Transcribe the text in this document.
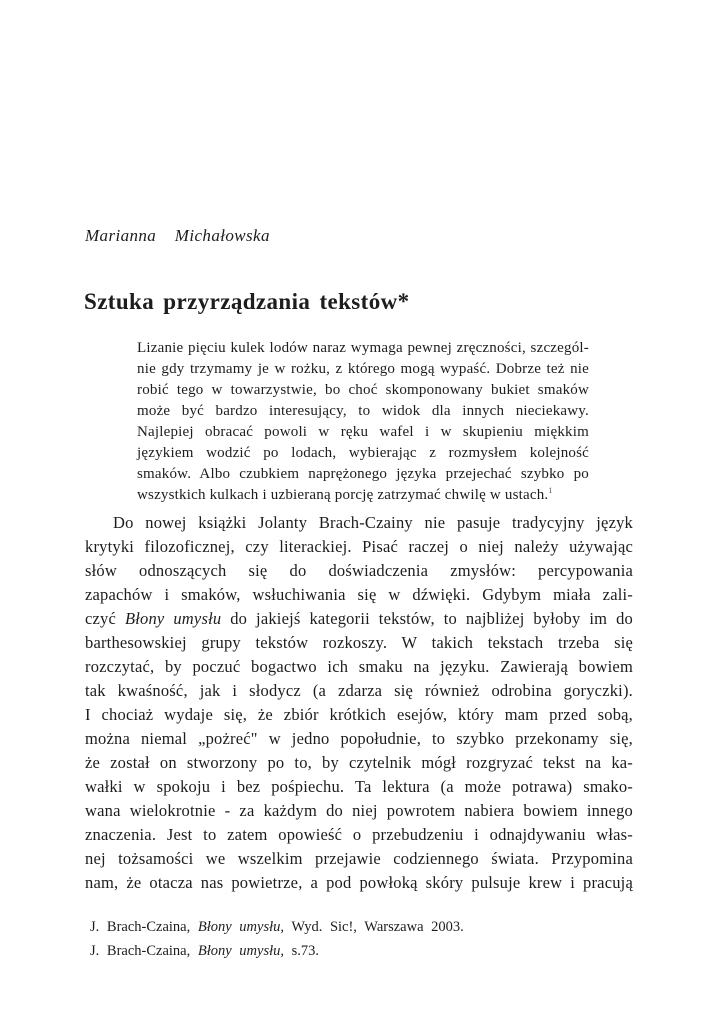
Marianna    Michałowska
Sztuka przyrządzania tekstów*
Lizanie pięciu kulek lodów naraz wymaga pewnej zręczności, szczegól-
nie gdy trzymamy je w rożku, z którego mogą wypaść. Dobrze też nie
robić tego w towarzystwie, bo choć skomponowany bukiet smaków
może być bardzo interesujący, to widok dla innych nieciekawy.
Najlepiej obracać powoli w ręku wafel i w skupieniu miękkim
językiem wodzić po lodach, wybierając z rozmysłem kolejność
smaków. Albo czubkiem naprężonego języka przejechać szybko po
wszystkich kulkach i uzbieraną porcję zatrzymać chwilę w ustach.$^1$
Do nowej książki Jolanty Brach-Czainy nie pasuje tradycyjny język
krytyki filozoficznej, czy literackiej. Pisać raczej o niej należy używając
słów odnoszących się do doświadczenia zmysłów: percypowania
zapachów i smaków, wsłuchiwania się w dźwięki. Gdybym miała zali-
czyć Błony umysłu do jakiejś kategorii tekstów, to najbliżej byłoby im do
barthesowskiej grupy tekstów rozkoszy. W takich tekstach trzeba się
rozczytać, by poczuć bogactwo ich smaku na języku. Zawierają bowiem
tak kwaśność, jak i słodycz (a zdarza się również odrobina goryczki).
I chociaż wydaje się, że zbiór krótkich esejów, który mam przed sobą,
można niemal „pożreć" w jedno popołudnie, to szybko przekonamy się,
że został on stworzony po to, by czytelnik mógł rozgryzać tekst na ka-
wałki w spokoju i bez pośpiechu. Ta lektura (a może potrawa) smako-
wana wielokrotnie - za każdym do niej powrotem nabiera bowiem innego
znaczenia. Jest to zatem opowieść o przebudzeniu i odnajdywaniu włas-
nej tożsamości we wszelkim przejawie codziennego świata. Przypomina
nam, że otacza nas powietrze, a pod powłoką skóry pulsuje krew i pracują
J. Brach-Czaina, Błony umysłu, Wyd. Sic!, Warszawa 2003.
J. Brach-Czaina, Błony umysłu, s.73.
